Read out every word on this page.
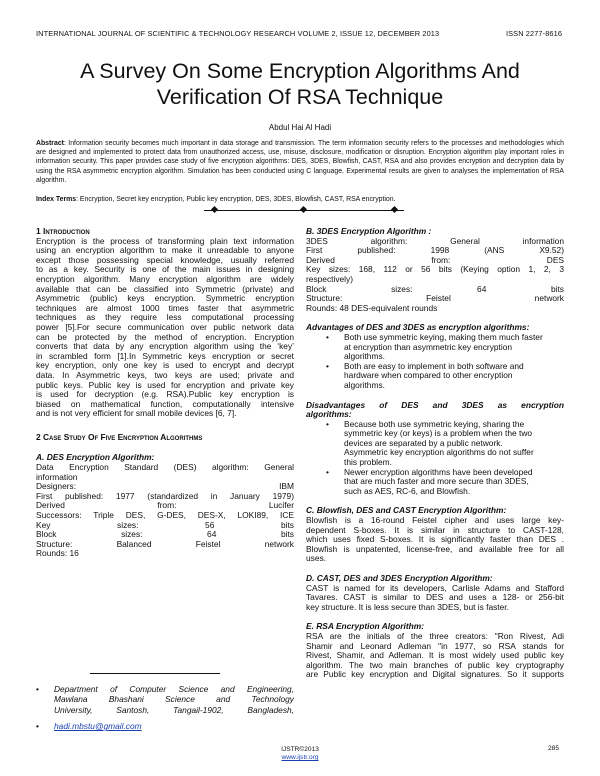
INTERNATIONAL JOURNAL OF SCIENTIFIC & TECHNOLOGY RESEARCH VOLUME 2, ISSUE 12, DECEMBER 2013	ISSN 2277-8616
A Survey On Some Encryption Algorithms And
Verification Of RSA Technique
Abdul Hai Al Hadi
Abstract: Information security becomes much important in data storage and transmission. The term information security refers to the processes and methodologies which are designed and implemented to protect data from unauthorized access, use, misuse, disclosure, modification or disruption. Encryption algorithm play important roles in information security. This paper provides case study of five encryption algorithms: DES, 3DES, Blowfish, CAST, RSA and also provides encryption and decryption data by using the RSA asymmetric encryption algorithm. Simulation has been conducted using C language. Experimental results are given to analyses the implementation of RSA algorithm.
Index Terms: Encryption, Secret key encryption, Public key encryption, DES, 3DES, Blowfish, CAST, RSA encryption.
1 Introduction
Encryption is the process of transforming plain text information
using an encryption algorithm to make it unreadable to anyone
except those possessing special knowledge, usually referred
to as a key. Security is one of the main issues in designing
encryption algorithm. Many encryption algorithm are widely
available that can be classified into Symmetric (private) and
Asymmetric (public) keys encryption. Symmetric encryption
techniques are almost 1000 times faster that asymmetric
techniques as they require less computational processing
power [5].For secure communication over public network data
can be protected by the method of encryption. Encryption
converts that data by any encryption algorithm using the ‘key’
in scrambled form [1].In Symmetric keys encryption or secret
key encryption, only one key is used to encrypt and decrypt
data. In Asymmetric keys, two keys are used; private and
public keys. Public key is used for encryption and private key
is used for decryption (e.g. RSA).Public key encryption is
biased on mathematical function, computationally intensive
and is not very efficient for small mobile devices [6, 7].
2 Case Study Of Five Encryption Algorithms
A. DES Encryption Algorithm:
Data Encryption Standard (DES) algorithm: General
information
Designers: IBM
First published: 1977 (standardized in January 1979)
Derived from: Lucifer
Successors: Triple DES, G-DES, DES-X, LOKI89, ICE
Key sizes: 56 bits
Block sizes: 64 bits
Structure: Balanced Feistel network
Rounds: 16
• Department of Computer Science and Engineering,
Mawlana Bhashani Science and Technology
University, Santosh, Tangail-1902, Bangladesh,
• hadi.mbstu@gmail.com
B. 3DES Encryption Algorithm :
3DES algorithm: General information
First published: 1998 (ANS X9.52)
Derived from: DES
Key sizes: 168, 112 or 56 bits (Keying option 1, 2, 3
respectively)
Block sizes: 64 bits
Structure: Feistel network
Rounds: 48 DES-equivalent rounds
Advantages of DES and 3DES as encryption algorithms:
• Both use symmetric keying, making them much faster
at encryption than asymmetric key encryption
algorithms.
• Both are easy to implement in both software and
hardware when compared to other encryption
algorithms.
Disadvantages of DES and 3DES as encryption
algorithms:
• Because both use symmetric keying, sharing the
symmetric key (or keys) is a problem when the two
devices are separated by a public network.
Asymmetric key encryption algorithms do not suffer
this problem.
• Newer encryption algorithms have been developed
that are much faster and more secure than 3DES,
such as AES, RC-6, and Blowfish.
C. Blowfish, DES and CAST Encryption Algorithm:
Blowfish is a 16-round Feistel cipher and uses large key-
dependent S-boxes. It is similar in structure to CAST-128,
which uses fixed S-boxes. It is significantly faster than DES .
Blowfish is unpatented, license-free, and available free for all
uses.
D. CAST, DES and 3DES Encryption Algorithm:
CAST is named for its developers, Carlisle Adams and Stafford
Tavares. CAST is similar to DES and uses a 128- or 256-bit
key structure. It is less secure than 3DES, but is faster.
E. RSA Encryption Algorithm:
RSA are the initials of the three creators: "Ron Rivest, Adi
Shamir and Leonard Adleman "in 1977, so RSA stands for
Rivest, Shamir, and Adleman. It is most widely used public key
algorithm. The two main branches of public key cryptography
are Public key encryption and Digital signatures. So it supports
285
IJSTR©2013
www.ijstr.org
